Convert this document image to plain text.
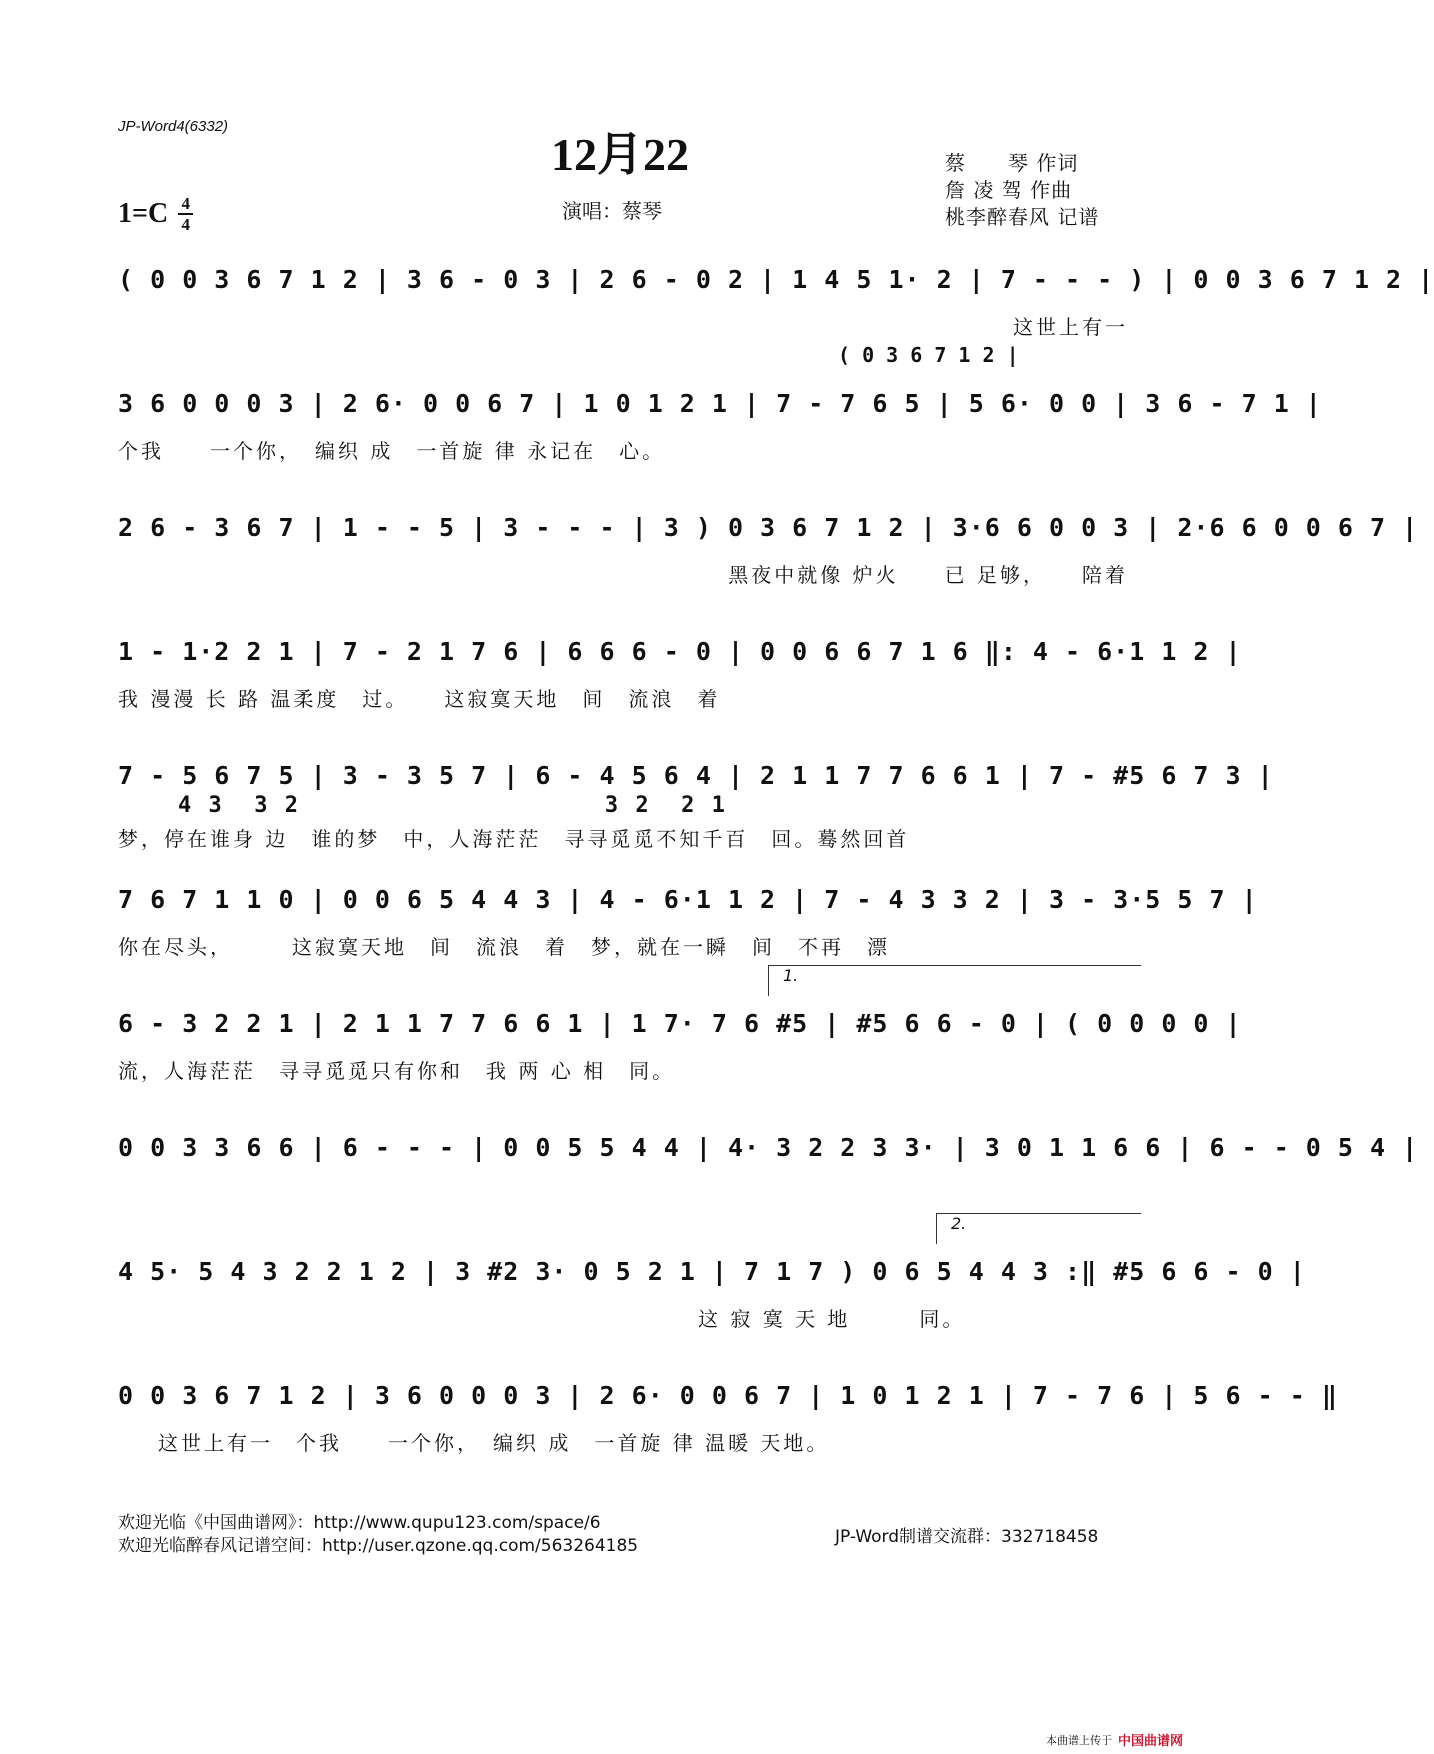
JP-Word4(6332)
12月22
1=C 4
4
演唱：蔡琴
蔡　　琴 作词
詹 凌 驾 作曲
桃李醉春风 记谱
( 0 0 3 6 7 1 2 | 3 6 - 0 3 | 2 6 - 0 2 | 1 4 5 1· 2 | 7 - - - ) | 0 0 3 6 7 1 2 |
这世上有一
( 0 3 6 7 1 2 |
3 6 0 0 0 3 | 2 6· 0 0 6 7 | 1 0 1 2 1 | 7 - 7 6 5 | 5 6· 0 0 | 3 6 - 7 1 |
个我　　一个你，　编织 成　一首旋 律 永记在　心。
2 6 - 3 6 7 | 1 - - 5 | 3 - - - | 3 ) 0 3 6 7 1 2 | 3·6 6 0 0 3 | 2·6 6 0 0 6 7 |
黑夜中就像 炉火　　已 足够，　　陪着
1 - 1·2 2 1 | 7 - 2 1 7 6 | 6 6 6 - 0 | 0 0 6 6 7 1 6 ‖: 4 - 6·1 1 2 |
我 漫漫 长 路 温柔度　过。　　这寂寞天地　间　流浪　着
7 - 5 6 7 5 | 3 - 3 5 7 | 6 - 4 5 6 4 | 2 1 1 7 7 6 6 1 | 7 - #5 6 7 3 |
4 3  3 2                    3 2  2 1
梦，停在谁身 边　谁的梦　中，人海茫茫　寻寻觅觅不知千百　回。蓦然回首
7 6 7 1 1 0 | 0 0 6 5 4 4 3 | 4 - 6·1 1 2 | 7 - 4 3 3 2 | 3 - 3·5 5 7 |
你在尽头，　　　这寂寞天地　间　流浪　着　梦，就在一瞬　间　不再　漂
1.
6 - 3 2 2 1 | 2 1 1 7 7 6 6 1 | 1 7· 7 6 #5 | #5 6 6 - 0 | ( 0 0 0 0 |
流，人海茫茫　寻寻觅觅只有你和　我 两 心 相　同。
0 0 3 3 6 6 | 6 - - - | 0 0 5 5 4 4 | 4· 3 2 2 3 3· | 3 0 1 1 6 6 | 6 - - 0 5 4 |
2.
4 5· 5 4 3 2 2 1 2 | 3 #2 3· 0 5 2 1 | 7 1 7 ) 0 6 5 4 4 3 :‖ #5 6 6 - 0 |
这 寂 寞 天 地　　　同。
0 0 3 6 7 1 2 | 3 6 0 0 0 3 | 2 6· 0 0 6 7 | 1 0 1 2 1 | 7 - 7 6 | 5 6 - - ‖
这世上有一　个我　　一个你，　编织 成　一首旋 律 温暖 天地。
欢迎光临《中国曲谱网》：http://www.qupu123.com/space/6
欢迎光临醉春风记谱空间：http://user.qzone.qq.com/563264185	JP-Word制谱交流群：332718458
本曲谱上传于 中国曲谱网
